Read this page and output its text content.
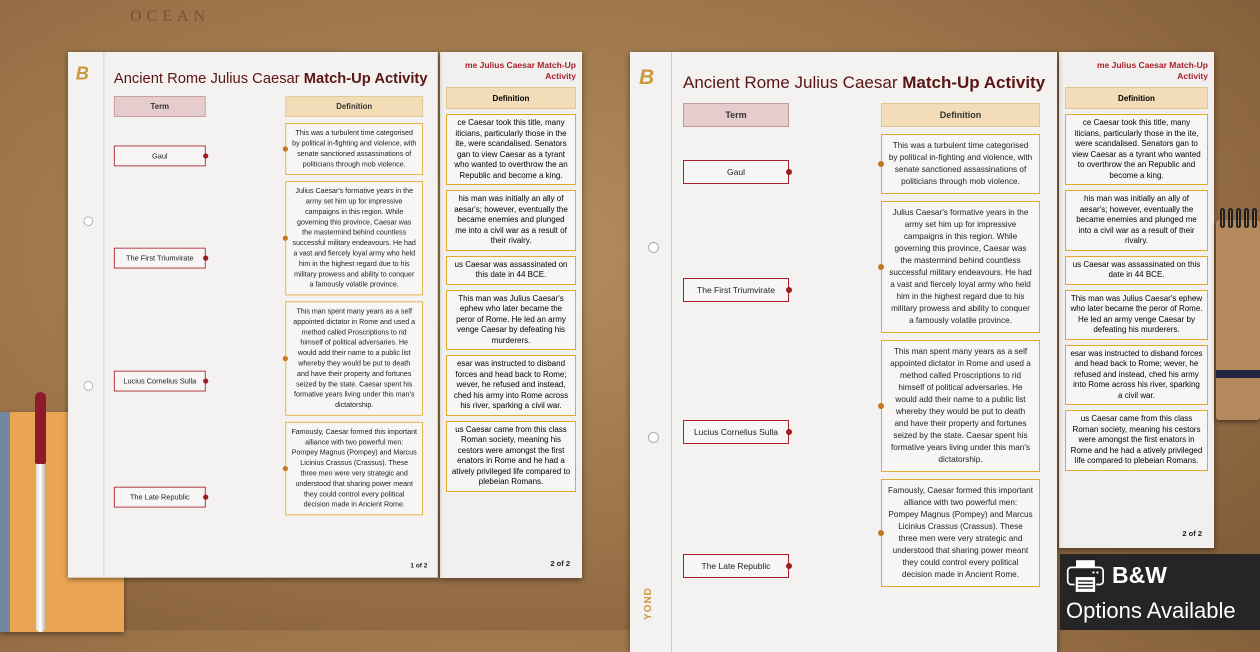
OCEAN
me Julius Caesar Match-Up Activity
Definition
ce Caesar took this title, many iticians, particularly those in the ite, were scandalised. Senators gan to view Caesar as a tyrant who wanted to overthrow the an Republic and become a king.
his man was initially an ally of aesar's; however, eventually the became enemies and plunged me into a civil war as a result of their rivalry.
us Caesar was assassinated on this date in 44 BCE.
This man was Julius Caesar's ephew who later became the peror of Rome. He led an army venge Caesar by defeating his murderers.
esar was instructed to disband forces and head back to Rome; wever, he refused and instead, ched his army into Rome across his river, sparking a civil war.
us Caesar came from this class Roman society, meaning his cestors were amongst the first enators in Rome and he had a atively privileged life compared to plebeian Romans.
2 of 2
B Ancient Rome Julius Caesar Match-Up Activity
Term	Definition
Gaul
The First Triumvirate
Lucius Cornelius Sulla
The Late Republic
This was a turbulent time categorised by political in-fighting and violence, with senate sanctioned assassinations of politicians through mob violence.
Julius Caesar's formative years in the army set him up for impressive campaigns in this region. While governing this province, Caesar was the mastermind behind countless successful military endeavours. He had a vast and fiercely loyal army who held him in the highest regard due to his military prowess and ability to conquer a famously volatile province.
This man spent many years as a self appointed dictator in Rome and used a method called Proscriptions to rid himself of political adversaries. He would add their name to a public list whereby they would be put to death and have their property and fortunes seized by the state. Caesar spent his formative years living under this man's dictatorship.
Famously, Caesar formed this important alliance with two powerful men: Pompey Magnus (Pompey) and Marcus Licinius Crassus (Crassus). These three men were very strategic and understood that sharing power meant they could control every political decision made in Ancient Rome.
1 of 2
me Julius Caesar Match-Up Activity
Definition
ce Caesar took this title, many iticians, particularly those in the ite, were scandalised. Senators gan to view Caesar as a tyrant who wanted to overthrow the an Republic and become a king.
his man was initially an ally of aesar's; however, eventually the became enemies and plunged me into a civil war as a result of their rivalry.
us Caesar was assassinated on this date in 44 BCE.
This man was Julius Caesar's ephew who later became the peror of Rome. He led an army venge Caesar by defeating his murderers.
esar was instructed to disband forces and head back to Rome; wever, he refused and instead, ched his army into Rome across his river, sparking a civil war.
us Caesar came from this class Roman society, meaning his cestors were amongst the first enators in Rome and he had a atively privileged life compared to plebeian Romans.
2 of 2
B Ancient Rome Julius Caesar Match-Up Activity
Term	Definition
Gaul
The First Triumvirate
Lucius Cornelius Sulla
The Late Republic
This was a turbulent time categorised by political in-fighting and violence, with senate sanctioned assassinations of politicians through mob violence.
Julius Caesar's formative years in the army set him up for impressive campaigns in this region. While governing this province, Caesar was the mastermind behind countless successful military endeavours. He had a vast and fiercely loyal army who held him in the highest regard due to his military prowess and ability to conquer a famously volatile province.
This man spent many years as a self appointed dictator in Rome and used a method called Proscriptions to rid himself of political adversaries. He would add their name to a public list whereby they would be put to death and have their property and fortunes seized by the state. Caesar spent his formative years living under this man's dictatorship.
Famously, Caesar formed this important alliance with two powerful men: Pompey Magnus (Pompey) and Marcus Licinius Crassus (Crassus). These three men were very strategic and understood that sharing power meant they could control every political decision made in Ancient Rome.
YOND
B&W
Options Available
